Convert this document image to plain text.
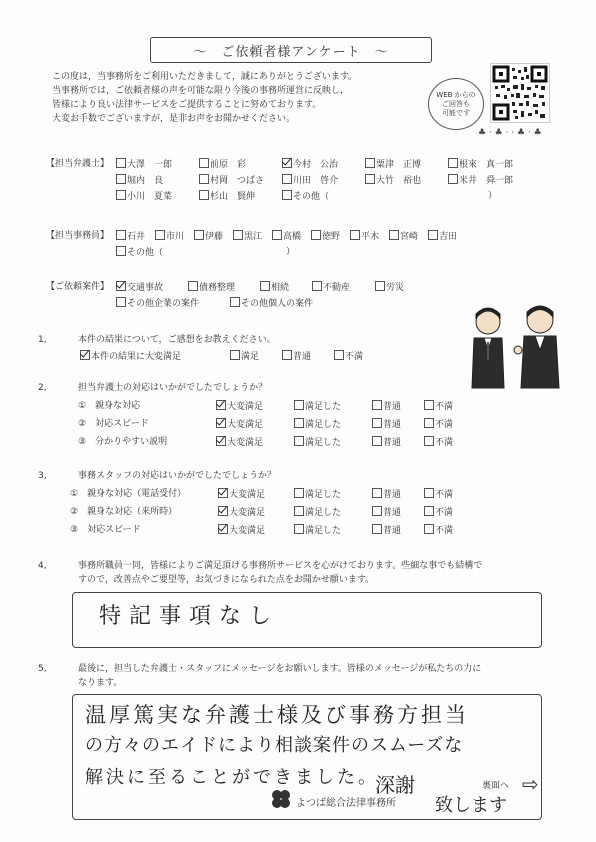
～　ご依頼者様アンケート　～
この度は，当事務所をご利用いただきまして，誠にありがとうございます。
当事務所では，ご依頼者様の声を可能な限り今後の事務所運営に反映し，
皆様により良い法律サービスをご提供することに努めております。
大変お手数でございますが，是非お声をお聞かせください。
WEB からの
ご回答も
可能です
♣ · ♣ · · ♣ · ♣
【担当弁護士】	大澤　一郎	前原　彩	今村　公治	粟津　正博	根來　真一郎
堀内　良	村岡　つばさ	川田　啓介	大竹　裕也	米井　舜一郎
小川　夏菜	杉山　賢伸	その他（	）
【担当事務員】	石井	市川	伊藤	黒江	高橋	徳野	平木	宮崎	吉田
その他（	）
【ご依頼案件】	交通事故	債務整理	相続	不動産	労災
その他企業の案件	その他個人の案件
1,	本件の結果について，ご感想をお教えください。
本件の結果に大変満足	満足	普通	不満
2,	担当弁護士の対応はいかがでしたでしょうか？
①　 親身な対応	大変満足	満足した	普通	不満
②　 対応スピード	大変満足	満足した	普通	不満
③　 分かりやすい説明	大変満足	満足した	普通	不満
3,	事務スタッフの対応はいかがでしたでしょうか？
①　 親身な対応（電話受付）	大変満足	満足した	普通	不満
②　 親身な対応（来所時）	大変満足	満足した	普通	不満
③　 対応スピード	大変満足	満足した	普通	不満
4,	事務所職員一同，皆様によりご満足頂ける事務所サービスを心がけております。些細な事でも結構で
すので，改善点やご要望等，お気づきになられた点をお聞かせ願います。
特記事項なし
5,	最後に，担当した弁護士・スタッフにメッセージをお願いします。皆様のメッセージが私たちの力に
なります。
温厚篤実な弁護士様及び事務方担当
の方々のエイドにより相談案件のスムーズな
解決に至ることができました。
深謝
致します
よつば総合法律事務所
裏面へ ⇨
